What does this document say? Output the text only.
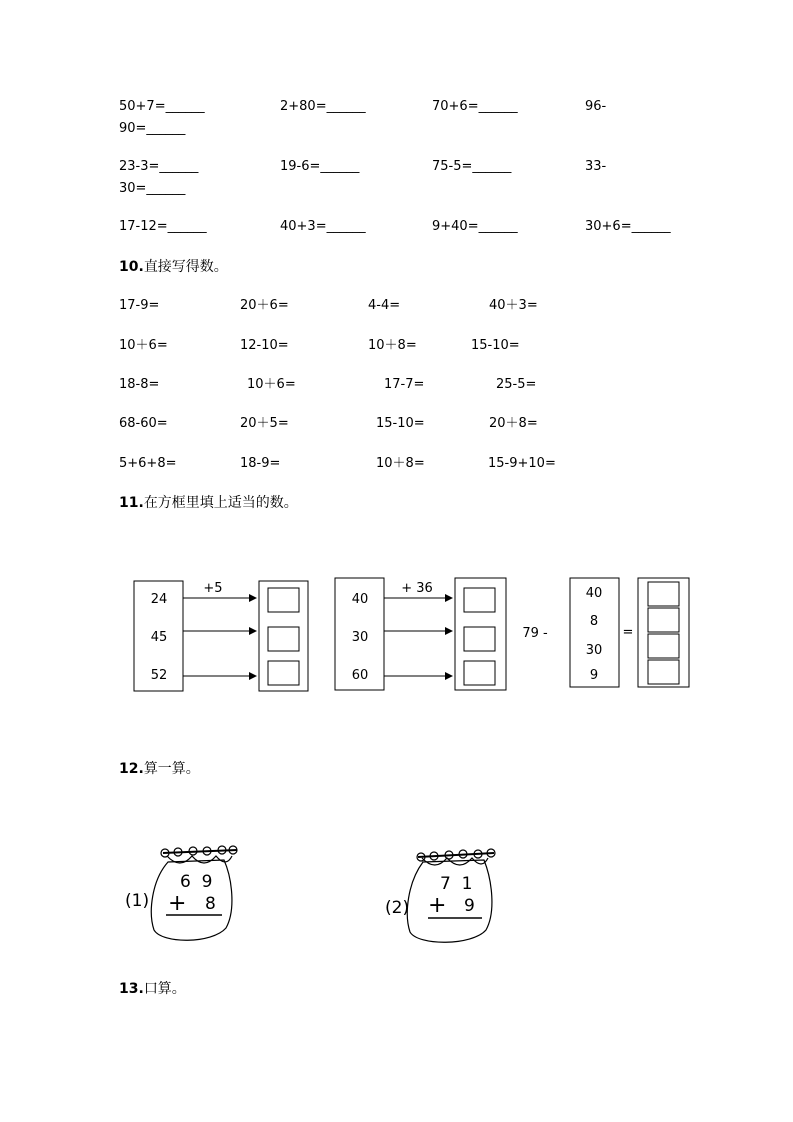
50+7=______	2+80=______	70+6=______	96-
90=______
23-3=______	19-6=______	75-5=______	33-
30=______
17-12=______	40+3=______	9+40=______	30+6=______
10.直接写得数。
17-9=	20＋6=	4-4=	40＋3=
10＋6=	12-10=	10＋8=	15-10=
18-8=	10＋6=	17-7=	25-5=
68-60=	20＋5=	15-10=	20＋8=
5+6+8=	18-9=	10＋8=	15-9+10=
11.在方框里填上适当的数。
+5
24
45
52
+ 36
40
30
60
79 -
40
8
30
9
=
12.算一算。
(1)
6  9
+ 8	(2)
7  1
+ 9
13.口算。
